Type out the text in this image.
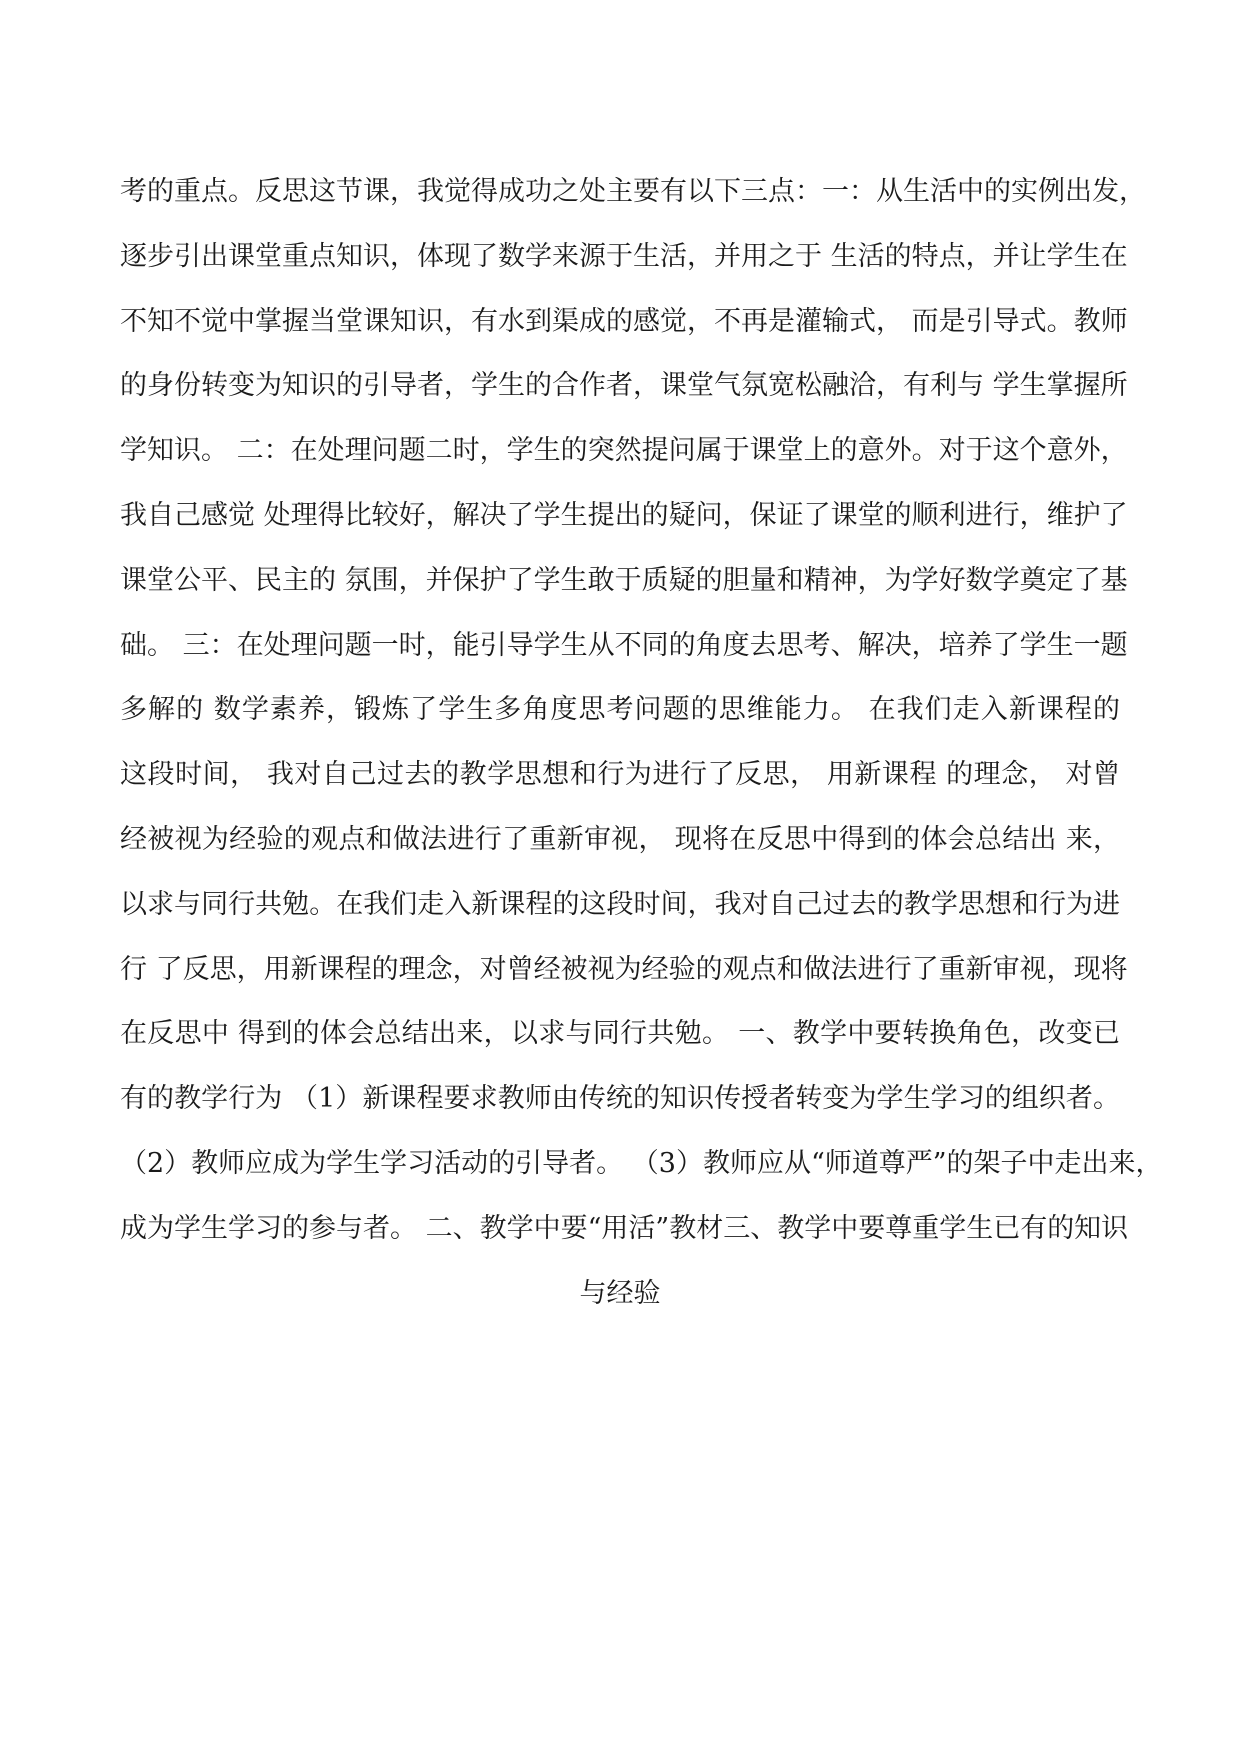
考的重点。反思这节课，我觉得成功之处主要有以下三点：一：从生活中的实例出发，
逐步引出课堂重点知识，体现了数学来源于生活，并用之于 生活的特点，并让学生在
不知不觉中掌握当堂课知识，有水到渠成的感觉，不再是灌输式， 而是引导式。教师
的身份转变为知识的引导者，学生的合作者，课堂气氛宽松融洽，有利与 学生掌握所
学知识。 二：在处理问题二时，学生的突然提问属于课堂上的意外。对于这个意外，
我自己感觉 处理得比较好，解决了学生提出的疑问，保证了课堂的顺利进行，维护了
课堂公平、民主的 氛围，并保护了学生敢于质疑的胆量和精神，为学好数学奠定了基
础。 三：在处理问题一时，能引导学生从不同的角度去思考、解决，培养了学生一题
多解的 数学素养，锻炼了学生多角度思考问题的思维能力。 在我们走入新课程的
这段时间， 我对自己过去的教学思想和行为进行了反思， 用新课程 的理念， 对曾
经被视为经验的观点和做法进行了重新审视， 现将在反思中得到的体会总结出 来，
以求与同行共勉。在我们走入新课程的这段时间，我对自己过去的教学思想和行为进
行 了反思，用新课程的理念，对曾经被视为经验的观点和做法进行了重新审视，现将
在反思中 得到的体会总结出来，以求与同行共勉。 一、教学中要转换角色，改变已
有的教学行为 （1）新课程要求教师由传统的知识传授者转变为学生学习的组织者。
（2）教师应成为学生学习活动的引导者。 （3）教师应从“师道尊严”的架子中走出来，
成为学生学习的参与者。 二、教学中要“用活”教材三、教学中要尊重学生已有的知识
与经验
